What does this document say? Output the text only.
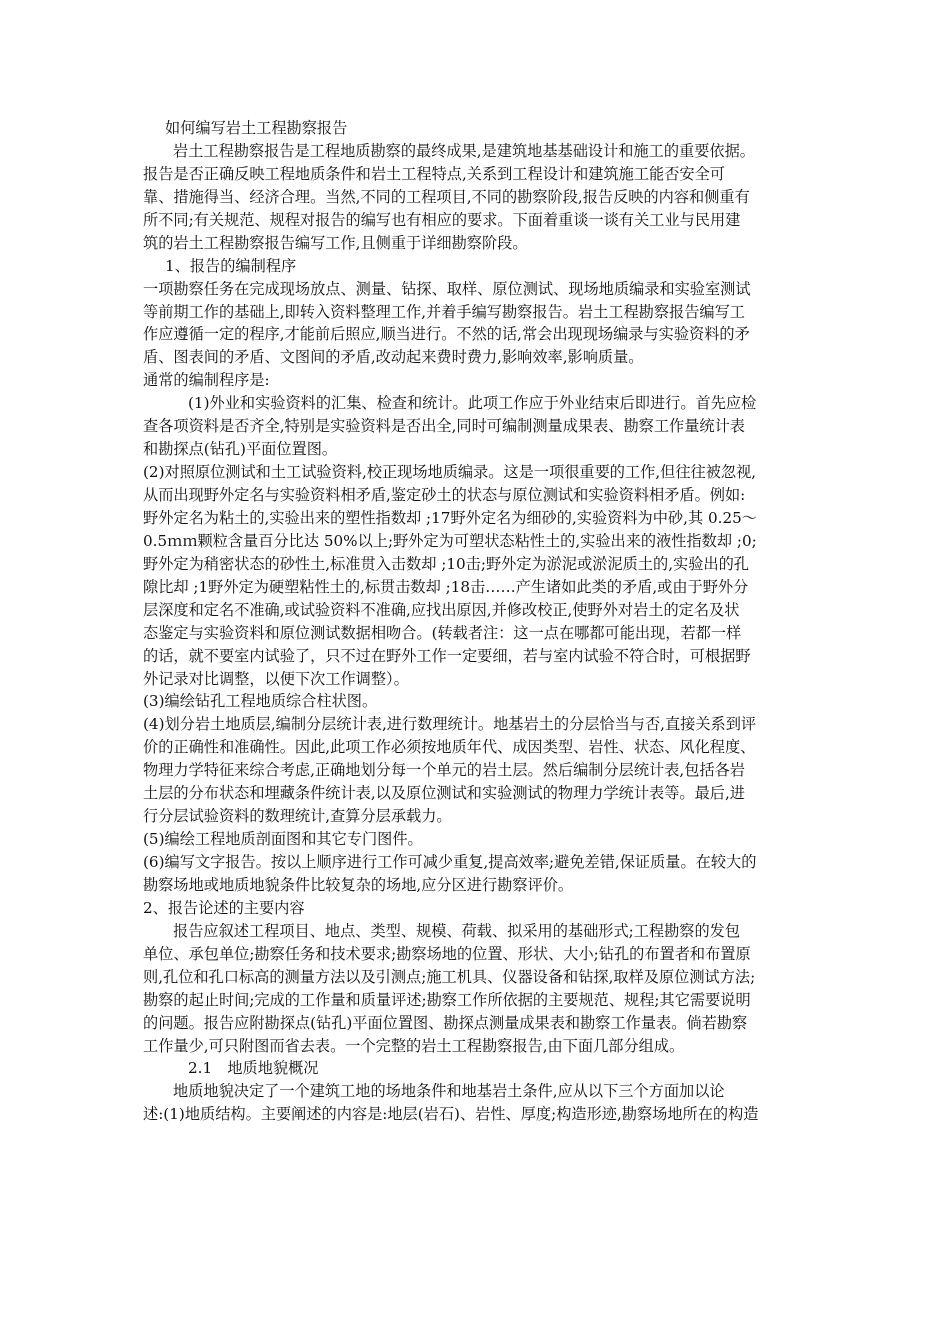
如何编写岩土工程勘察报告
岩土工程勘察报告是工程地质勘察的最终成果,是建筑地基基础设计和施工的重要依据。
报告是否正确反映工程地质条件和岩土工程特点,关系到工程设计和建筑施工能否安全可
靠、措施得当、经济合理。当然,不同的工程项目,不同的勘察阶段,报告反映的内容和侧重有
所不同;有关规范、规程对报告的编写也有相应的要求。下面着重谈一谈有关工业与民用建
筑的岩土工程勘察报告编写工作,且侧重于详细勘察阶段。
1、报告的编制程序
一项勘察任务在完成现场放点、测量、钻探、取样、原位测试、现场地质编录和实验室测试
等前期工作的基础上,即转入资料整理工作,并着手编写勘察报告。岩土工程勘察报告编写工
作应遵循一定的程序,才能前后照应,顺当进行。不然的话,常会出现现场编录与实验资料的矛
盾、图表间的矛盾、文图间的矛盾,改动起来费时费力,影响效率,影响质量。
通常的编制程序是:
(1)外业和实验资料的汇集、检查和统计。此项工作应于外业结束后即进行。首先应检
查各项资料是否齐全,特别是实验资料是否出全,同时可编制测量成果表、勘察工作量统计表
和勘探点(钻孔)平面位置图。
(2)对照原位测试和土工试验资料,校正现场地质编录。这是一项很重要的工作,但往往被忽视,
从而出现野外定名与实验资料相矛盾,鉴定砂土的状态与原位测试和实验资料相矛盾。例如:
野外定名为粘土的,实验出来的塑性指数却 ;17野外定名为细砂的,实验资料为中砂,其 0.25～
0.5ｍｍ颗粒含量百分比达 50%以上;野外定为可塑状态粘性土的,实验出来的液性指数却 ;0;
野外定为稍密状态的砂性土,标准贯入击数却 ;10击;野外定为淤泥或淤泥质土的,实验出的孔
隙比却 ;1野外定为硬塑粘性土的,标贯击数却 ;18击……产生诸如此类的矛盾,或由于野外分
层深度和定名不准确,或试验资料不准确,应找出原因,并修改校正,使野外对岩土的定名及状
态鉴定与实验资料和原位测试数据相吻合。(转载者注：这一点在哪都可能出现，若都一样
的话，就不要室内试验了，只不过在野外工作一定要细，若与室内试验不符合时，可根据野
外记录对比调整，以便下次工作调整）。
(3)编绘钻孔工程地质综合柱状图。
(4)划分岩土地质层,编制分层统计表,进行数理统计。地基岩土的分层恰当与否,直接关系到评
价的正确性和准确性。因此,此项工作必须按地质年代、成因类型、岩性、状态、风化程度、
物理力学特征来综合考虑,正确地划分每一个单元的岩土层。然后编制分层统计表,包括各岩
土层的分布状态和埋藏条件统计表,以及原位测试和实验测试的物理力学统计表等。最后,进
行分层试验资料的数理统计,查算分层承载力。
(5)编绘工程地质剖面图和其它专门图件。
(6)编写文字报告。按以上顺序进行工作可减少重复,提高效率;避免差错,保证质量。在较大的
勘察场地或地质地貌条件比较复杂的场地,应分区进行勘察评价。
2、报告论述的主要内容
报告应叙述工程项目、地点、类型、规模、荷载、拟采用的基础形式;工程勘察的发包
单位、承包单位;勘察任务和技术要求;勘察场地的位置、形状、大小;钻孔的布置者和布置原
则,孔位和孔口标高的测量方法以及引测点;施工机具、仪器设备和钻探,取样及原位测试方法;
勘察的起止时间;完成的工作量和质量评述;勘察工作所依据的主要规范、规程;其它需要说明
的问题。报告应附勘探点(钻孔)平面位置图、勘探点测量成果表和勘察工作量表。倘若勘察
工作量少,可只附图而省去表。一个完整的岩土工程勘察报告,由下面几部分组成。
2.1　地质地貌概况
地质地貌决定了一个建筑工地的场地条件和地基岩土条件,应从以下三个方面加以论
述:(1)地质结构。主要阐述的内容是:地层(岩石)、岩性、厚度;构造形迹,勘察场地所在的构造
